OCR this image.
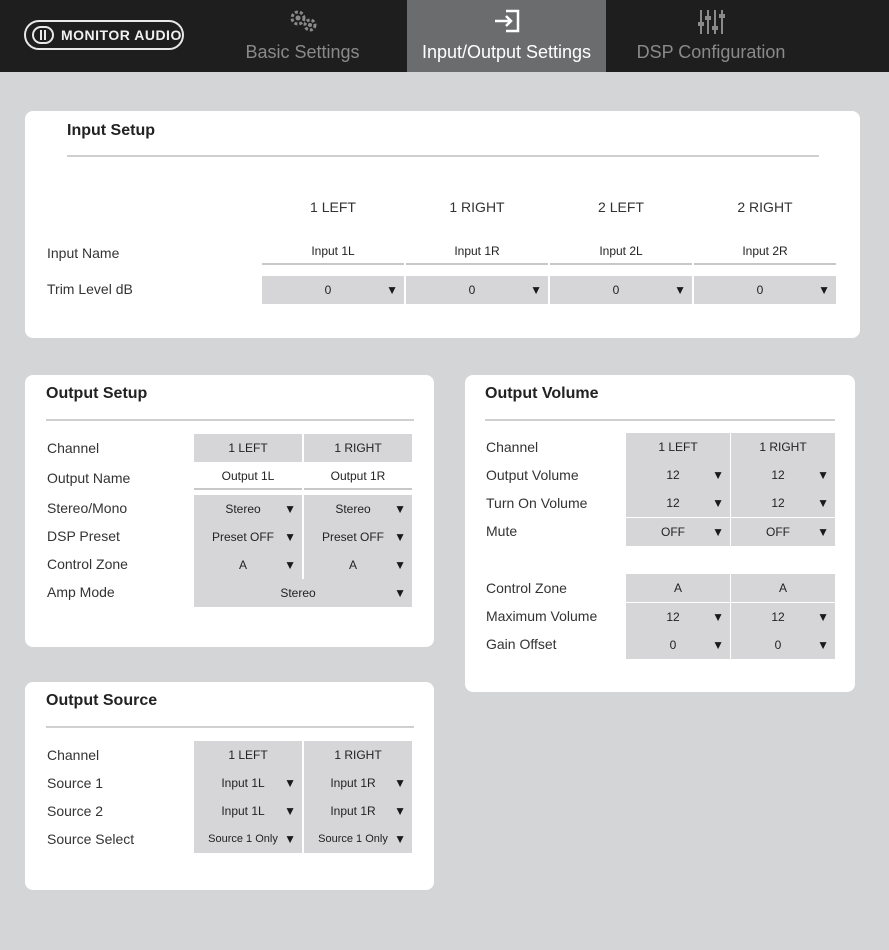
MONITOR AUDIO
Basic Settings	Input/Output Settings	DSP Configuration
Input Setup
1 LEFT	1 RIGHT	2 LEFT	2 RIGHT
Input Name	Input 1L	Input 1R	Input 2L	Input 2R
Trim Level dB	0	▼	0	▼	0	▼	0	▼
Output Setup
Channel	1 LEFT	1 RIGHT
Output Name	Output 1L	Output 1R
Stereo/Mono	Stereo	▼	Stereo	▼
DSP Preset	Preset OFF ▼	Preset OFF ▼
Control Zone	A	▼	A	▼
Amp Mode	Stereo	▼
Output Source
Channel	1 LEFT	1 RIGHT
Source 1	Input 1L	▼	Input 1R	▼
Source 2	Input 1L	▼	Input 1R	▼
Source Select	Source 1 Only ▼	Source 1 Only ▼
Output Volume
Channel	1 LEFT	1 RIGHT
Output Volume	12	▼	12	▼
Turn On Volume	12	▼	12	▼
Mute	OFF	▼	OFF	▼
Control Zone	A	A
Maximum Volume	12	▼	12	▼
Gain Offset	0	▼	0	▼
